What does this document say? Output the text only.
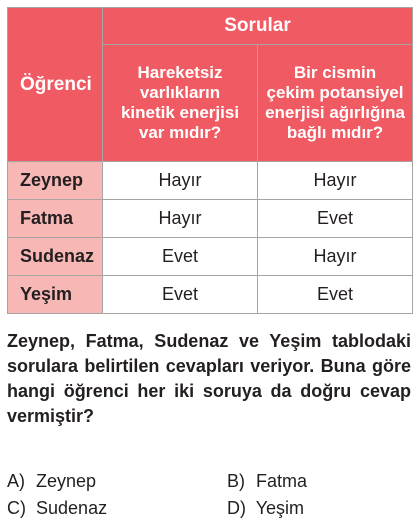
Öğrenci	Sorular	

	Hareketsiz
varlıkların
kinetik enerjisi
var mıdır?	Bir cismin
çekim potansiyel
enerjisi ağırlığına
bağlı mıdır?

Zeynep	Hayır	Hayır
Fatma	Hayır	Evet
Sudenaz	Evet	Hayır
Yeşim	Evet	Evet
Zeynep, Fatma, Sudenaz ve Yeşim tablodaki sorulara belirtilen cevapları veriyor. Buna göre hangi öğrenci her iki soruya da doğru cevap vermiştir?
A) Zeynep	B) Fatma
C) Sudenaz	D) Yeşim
